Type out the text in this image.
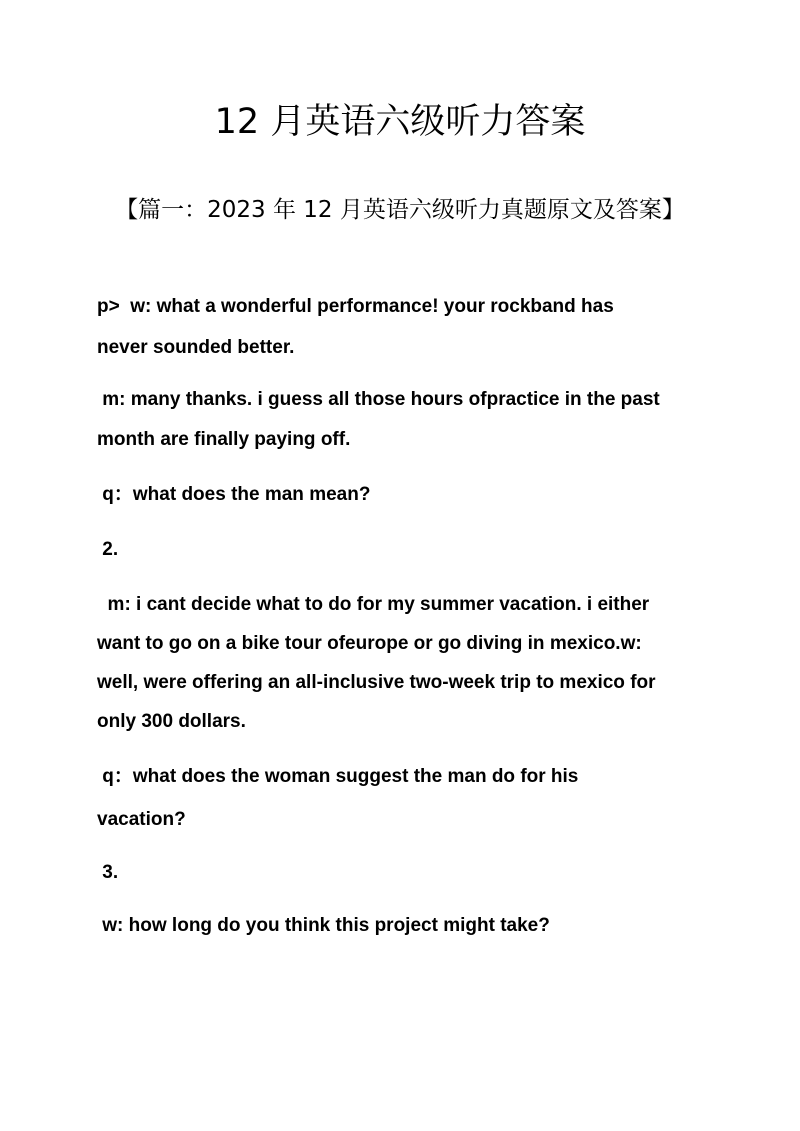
12 月英语六级听力答案
【篇一：2023 年 12 月英语六级听力真题原文及答案】
p>  w: what a wonderful performance! your rockband has
never sounded better.
m: many thanks. i guess all those hours ofpractice in the past
month are finally paying off.
q：what does the man mean?
2.
m: i cant decide what to do for my summer vacation. i either
want to go on a bike tour ofeurope or go diving in mexico.w:
well, were offering an all-inclusive two-week trip to mexico for
only 300 dollars.
q：what does the woman suggest the man do for his
vacation?
3.
w: how long do you think this project might take?
